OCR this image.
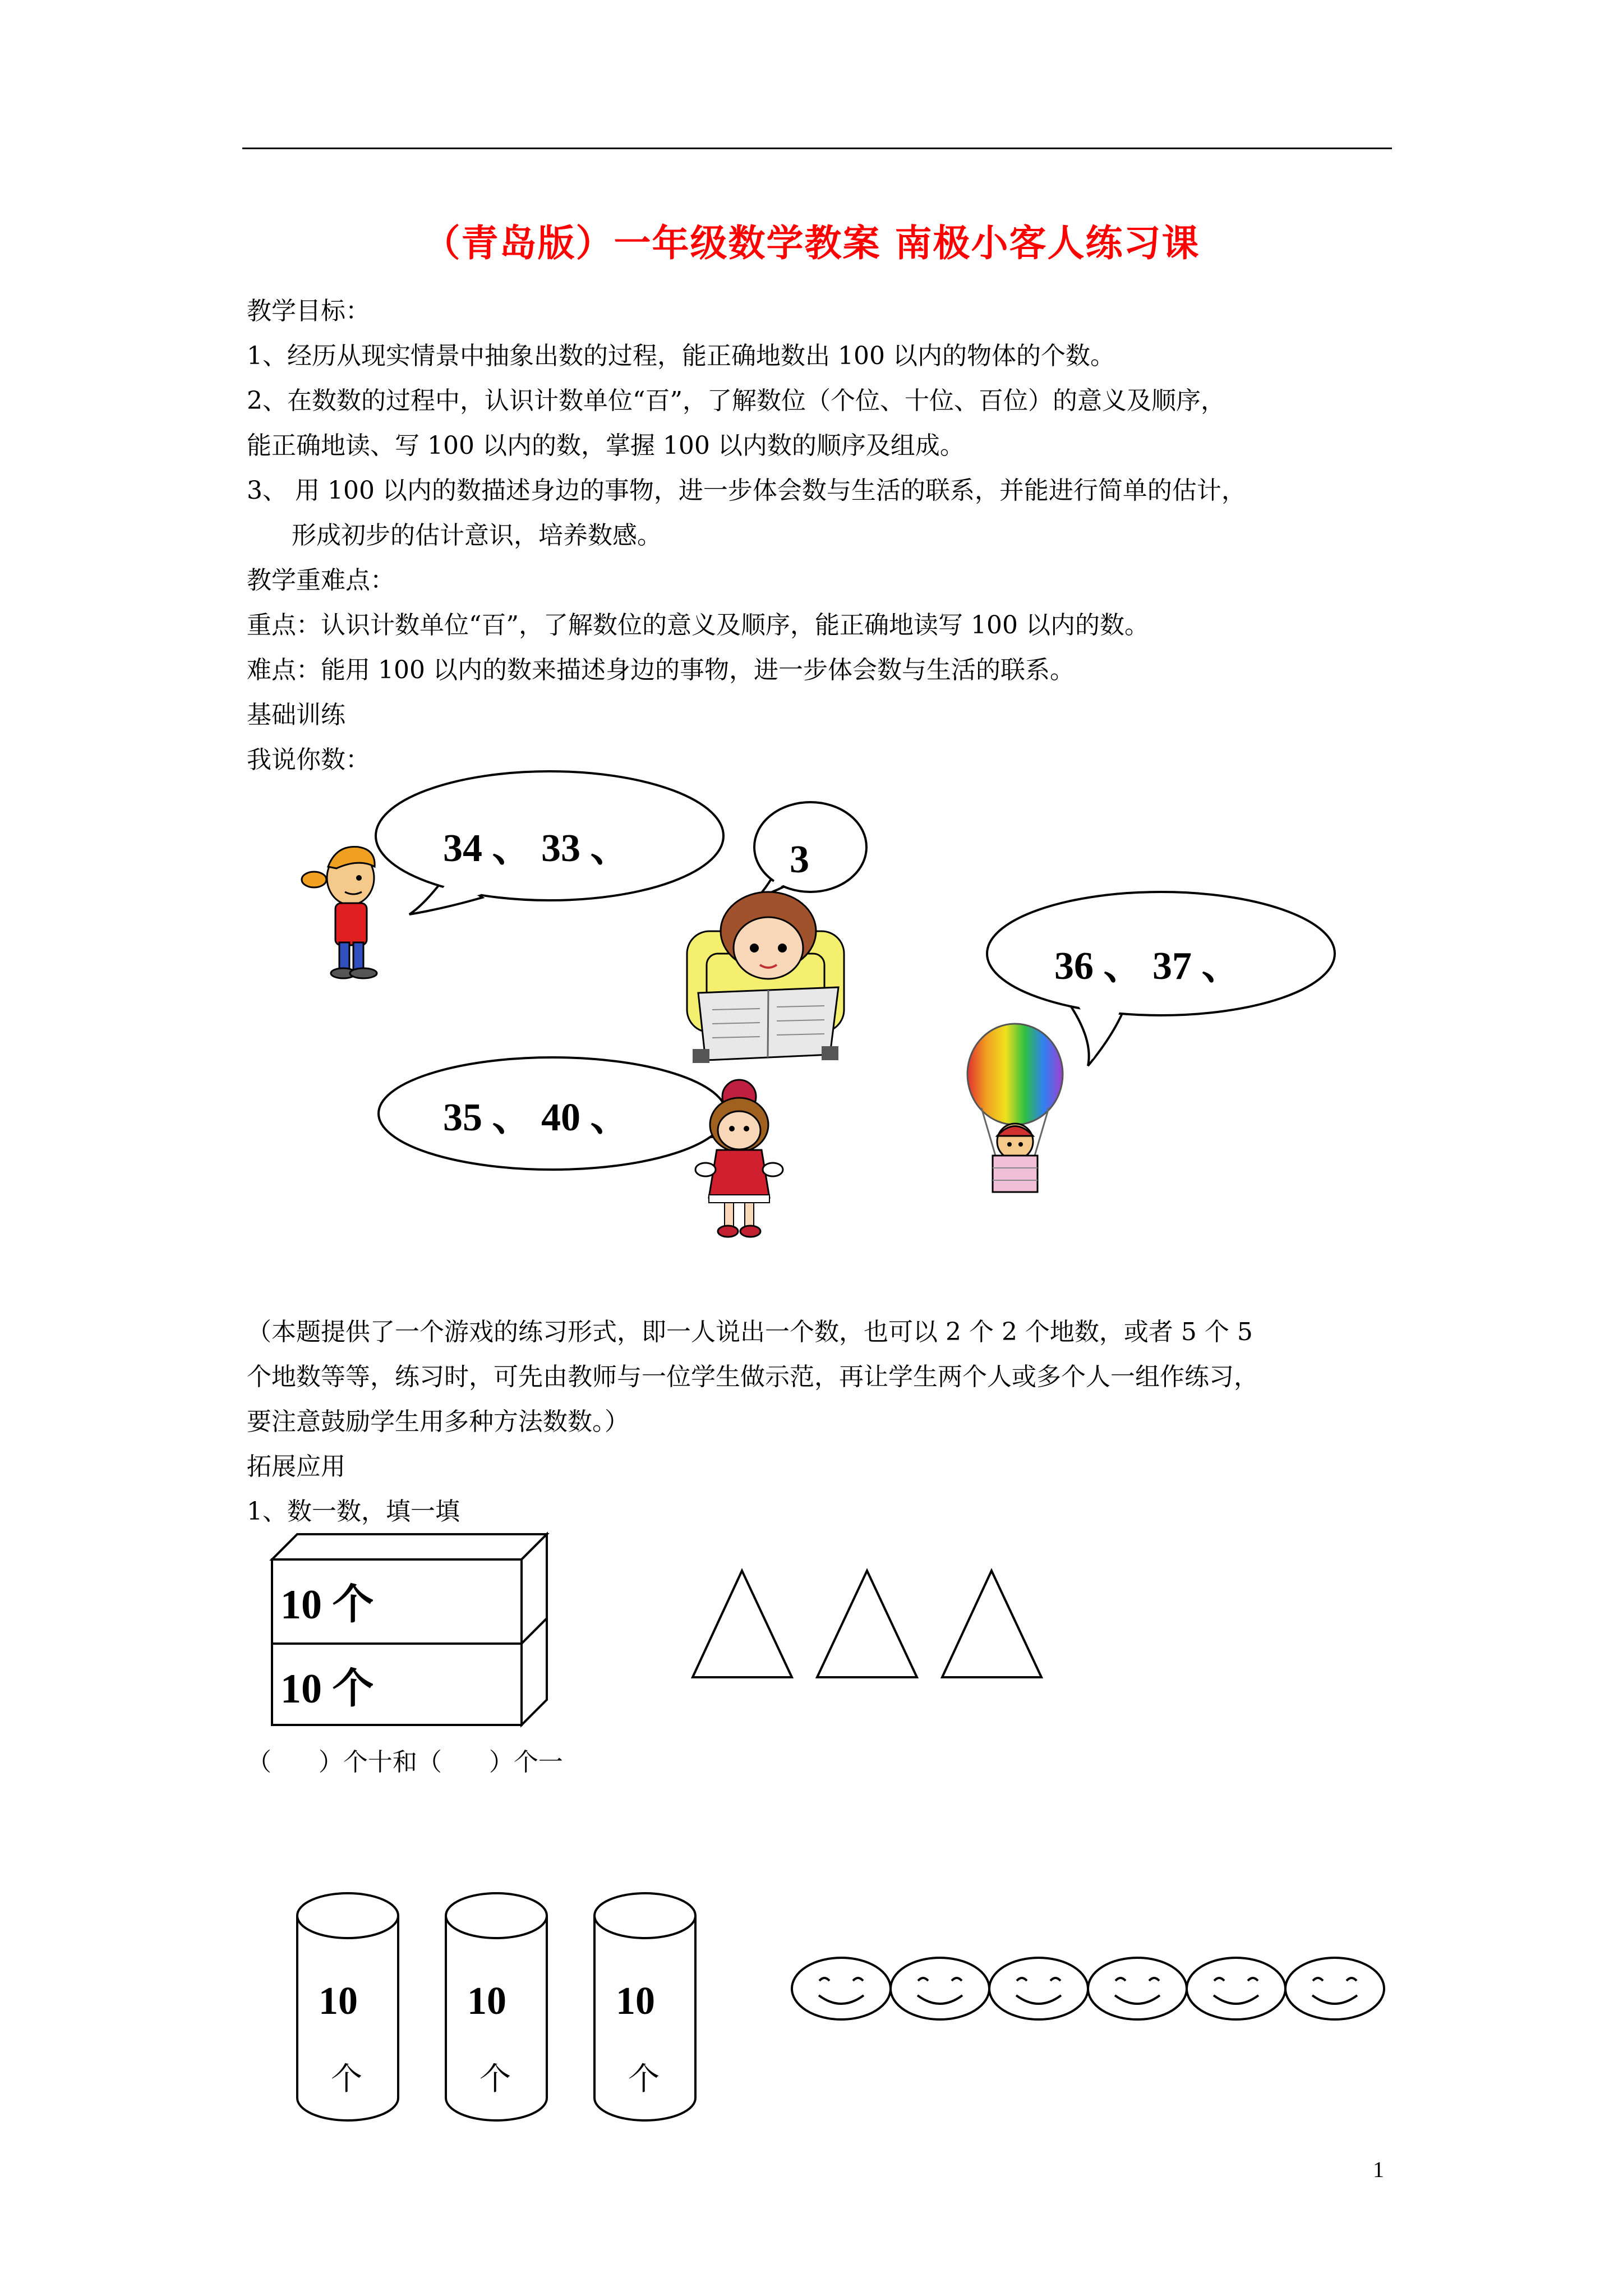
（青岛版）一年级数学教案 南极小客人练习课

教学目标：

1、经历从现实情景中抽象出数的过程，能正确地数出 100 以内的物体的个数。

2、在数数的过程中，认识计数单位“百”，了解数位（个位、十位、百位）的意义及顺序，

能正确地读、写 100 以内的数，掌握 100 以内数的顺序及组成。

3、 用 100 以内的数描述身边的事物，进一步体会数与生活的联系，并能进行简单的估计，

形成初步的估计意识，培养数感。

教学重难点：

重点：认识计数单位“百”，了解数位的意义及顺序，能正确地读写 100 以内的数。

难点：能用 100 以内的数来描述身边的事物，进一步体会数与生活的联系。

基础训练

我说你数：

34 、 33 、	3
36 、 37 、
35 、 40 、
10 个
10 个
10
个
10
个
10
个

（本题提供了一个游戏的练习形式，即一人说出一个数，也可以 2 个 2 个地数，或者 5 个 5

个地数等等，练习时，可先由教师与一位学生做示范，再让学生两个人或多个人一组作练习，

要注意鼓励学生用多种方法数数。）

拓展应用

1、数一数，填一填

（      ）个十和（      ）个一
1
